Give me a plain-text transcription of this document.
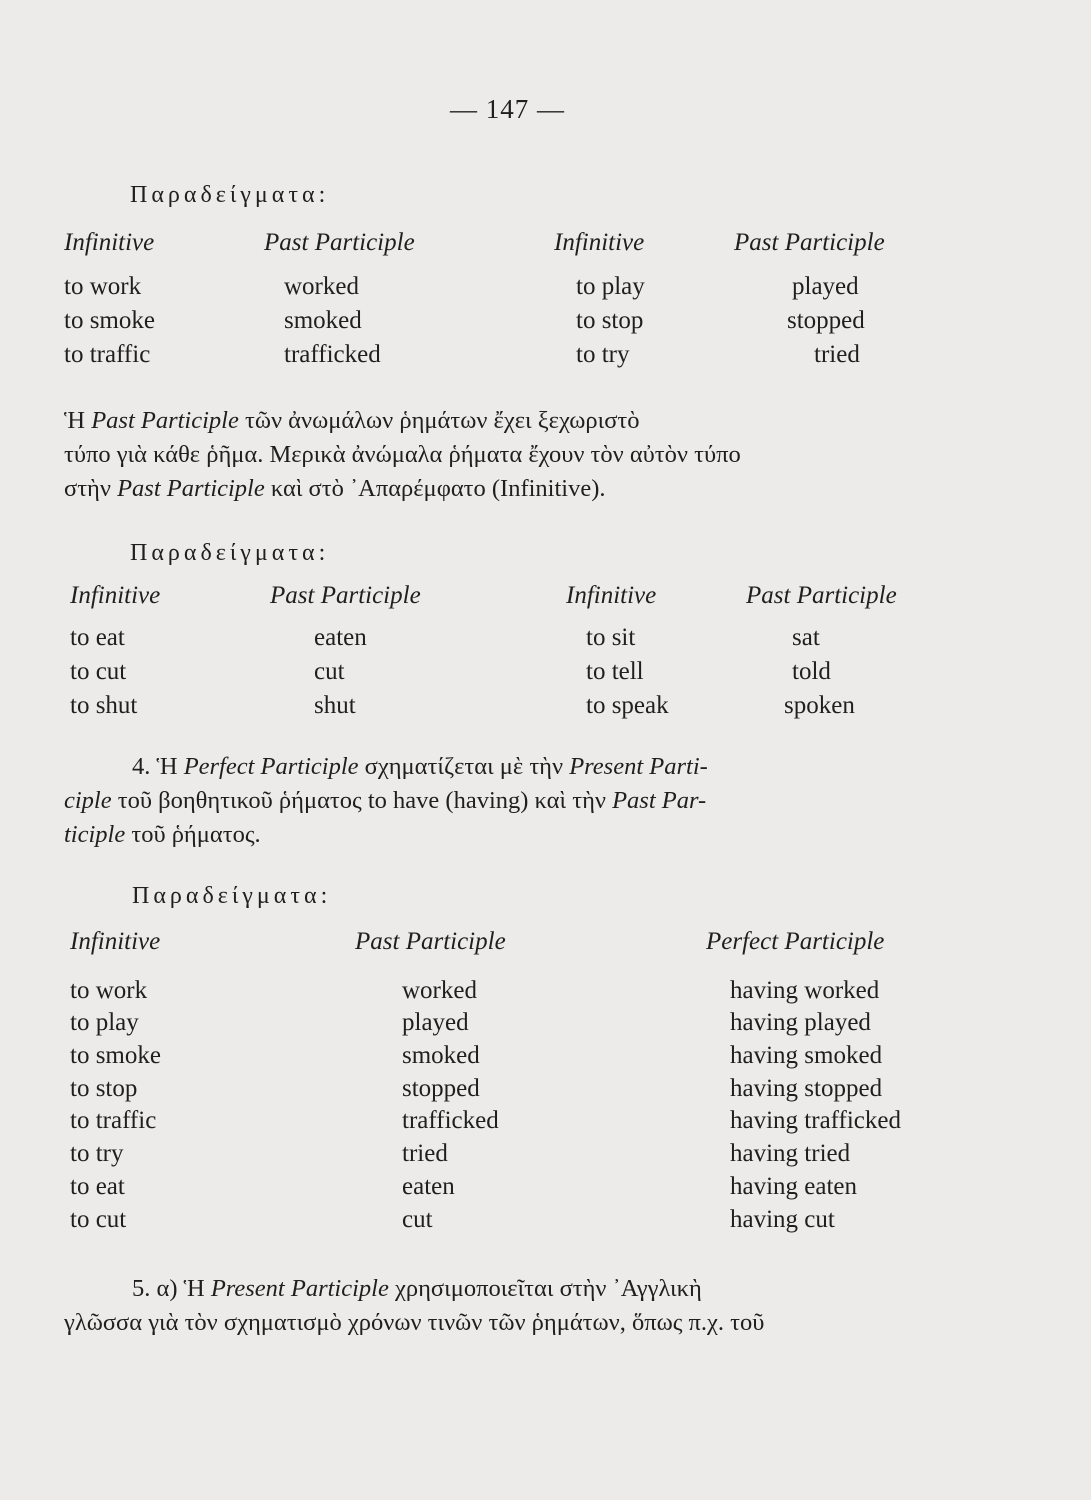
— 147 —
Παραδείγματα:
Infinitive	Past Participle	Infinitive	Past Participle
to work	worked	to play	played
to smoke	smoked	to stop	stopped
to traffic	trafficked	to try	tried
Ἡ Past Participle τῶν ἀνωμάλων ῥημάτων ἔχει ξεχωριστὸ
τύπο γιὰ κάθε ῥῆμα. Μερικὰ ἀνώμαλα ῥήματα ἔχουν τὸν αὐτὸν τύπο
στὴν Past Participle καὶ στὸ ᾿Απαρέμφατο (Infinitive).
Παραδείγματα:
Infinitive	Past Participle	Infinitive	Past Participle
to eat	eaten	to sit	sat
to cut	cut	to tell	told
to shut	shut	to speak	spoken
4. Ἡ Perfect Participle σχηματίζεται μὲ τὴν Present Parti-
ciple τοῦ βοηθητικοῦ ῥήματος to have (having) καὶ τὴν Past Par-
ticiple τοῦ ῥήματος.
Παραδείγματα:
Infinitive	Past Participle	Perfect Participle
to work	worked	having worked
to play	played	having played
to smoke	smoked	having smoked
to stop	stopped	having stopped
to traffic	trafficked	having trafficked
to try	tried	having tried
to eat	eaten	having eaten
to cut	cut	having cut
5. α) Ἡ Present Participle χρησιμοποιεῖται στὴν ᾿Αγγλικὴ
γλῶσσα γιὰ τὸν σχηματισμὸ χρόνων τινῶν τῶν ῥημάτων, ὅπως π.χ. τοῦ
